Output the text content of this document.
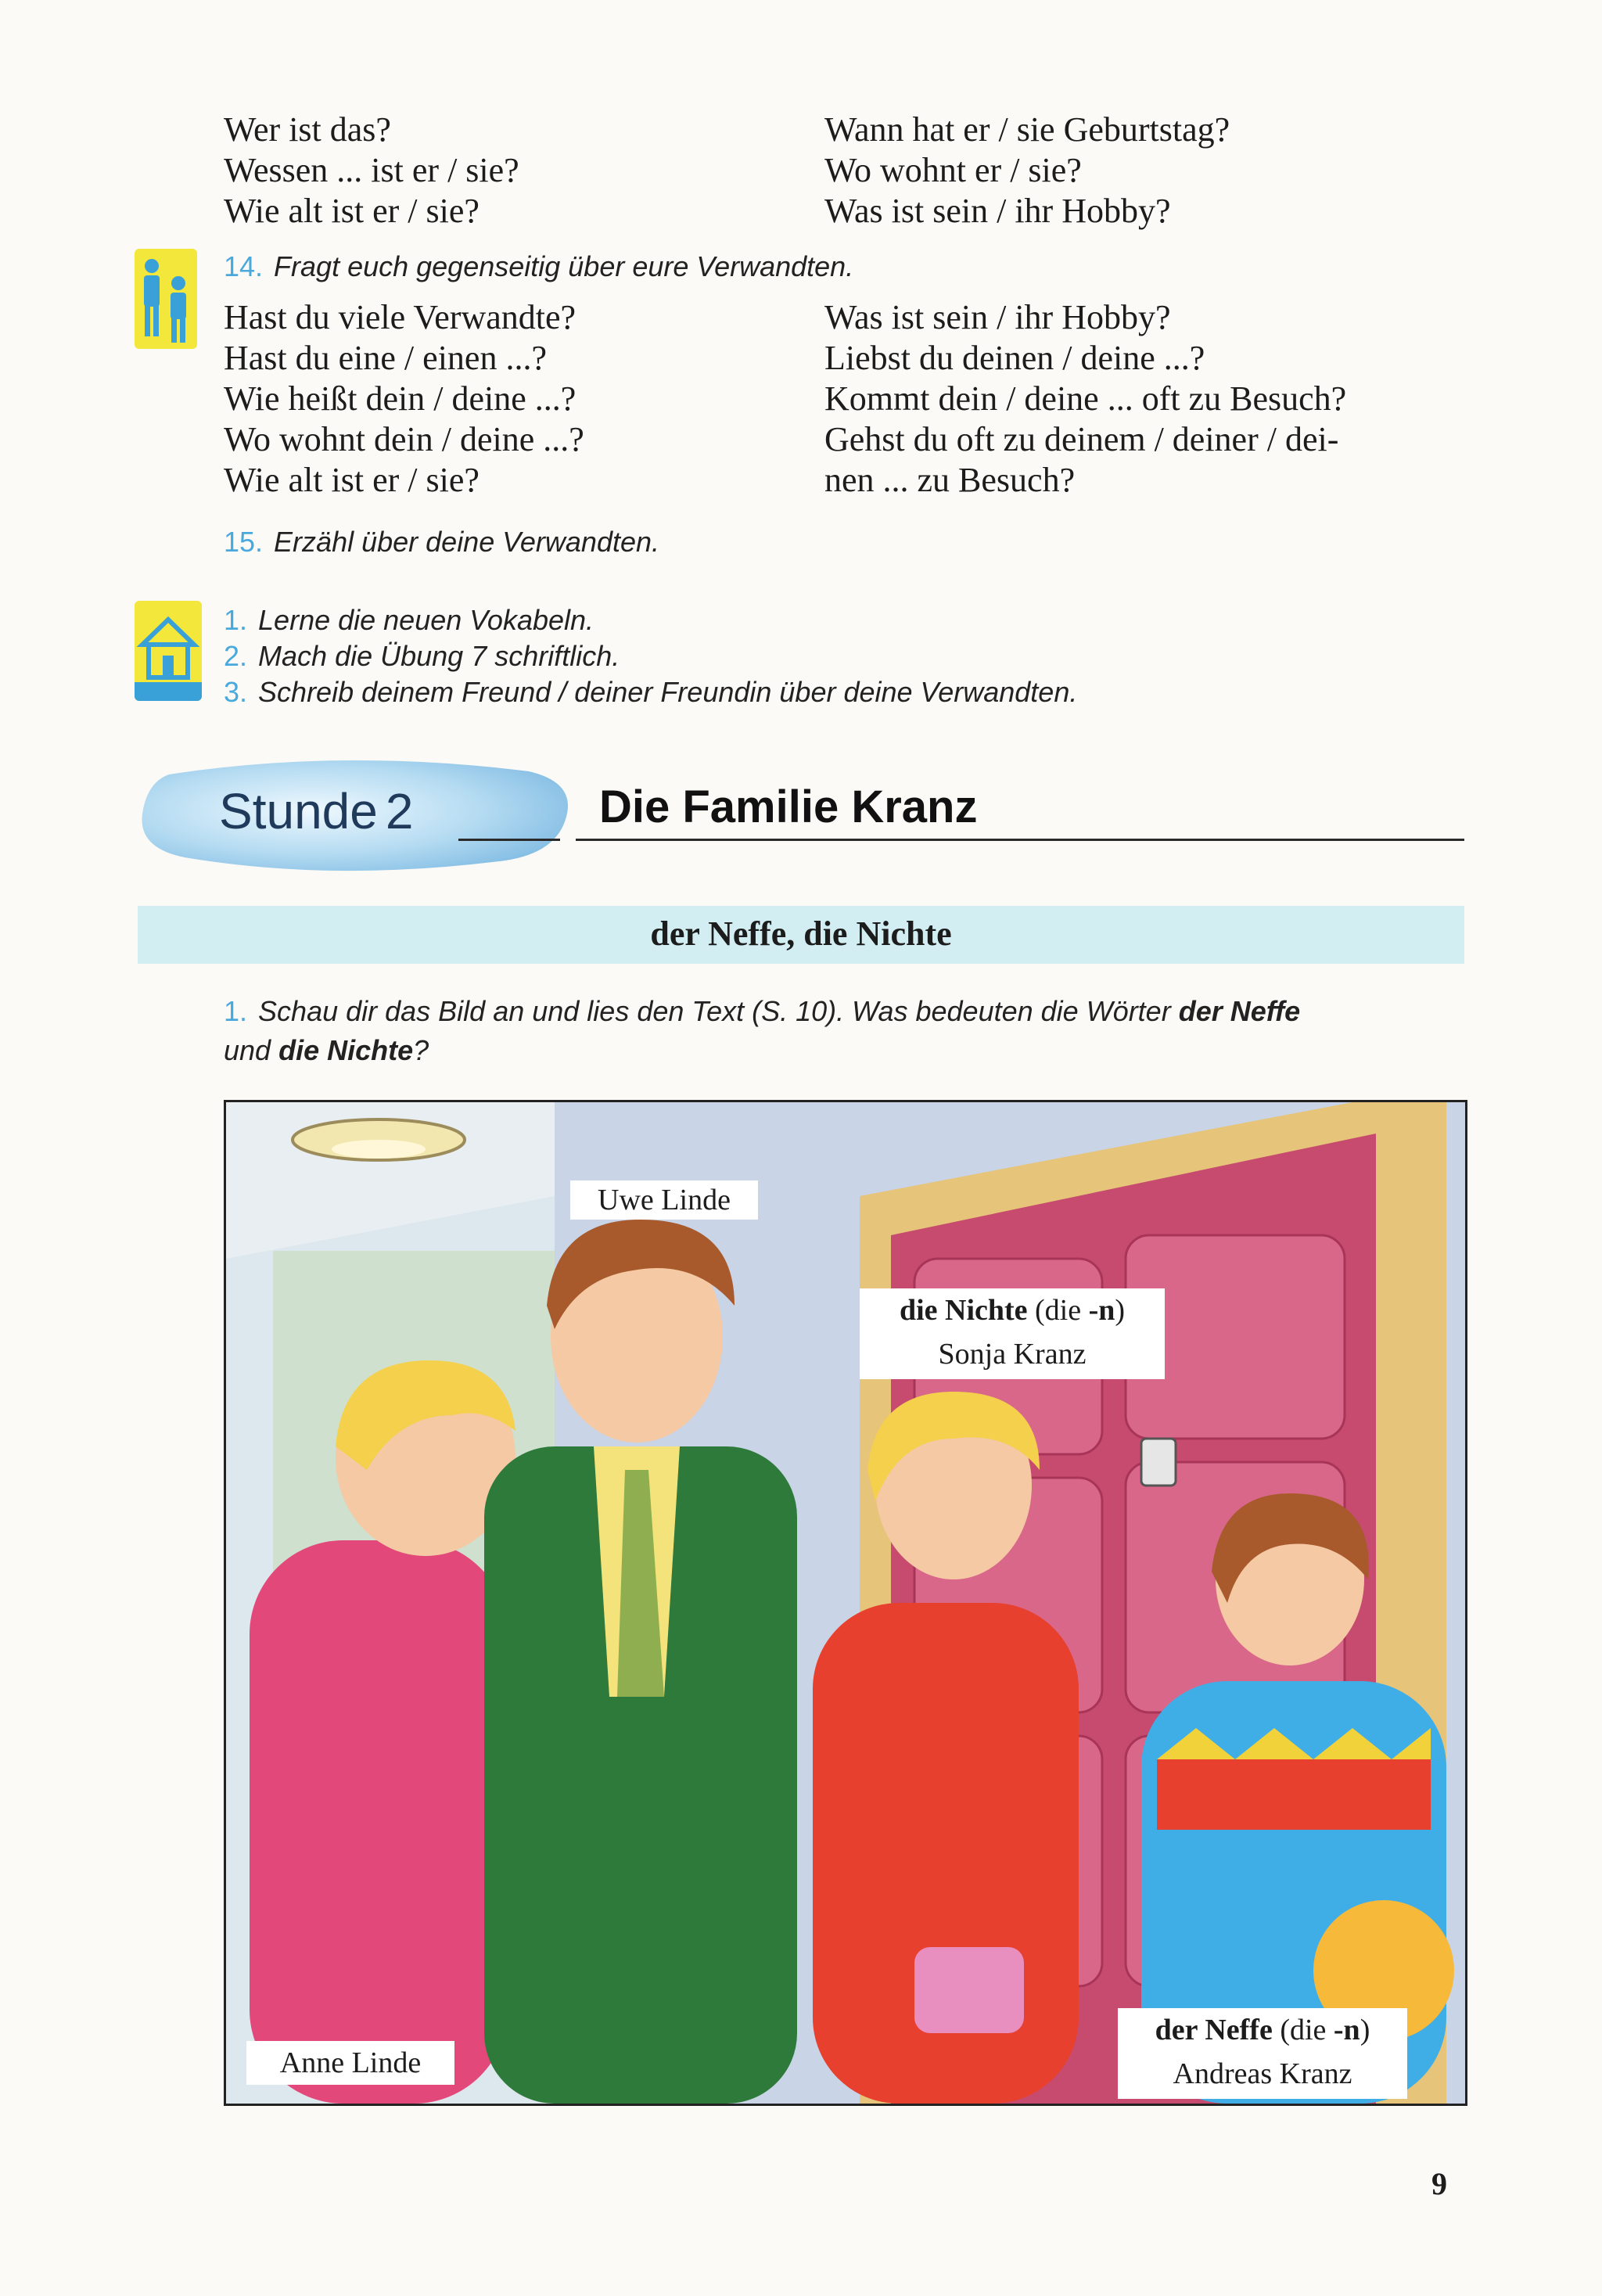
Wer ist das?
Wessen ... ist er / sie?
Wie alt ist er / sie?
Wann hat er / sie Geburtstag?
Wo wohnt er / sie?
Was ist sein / ihr Hobby?
14. Fragt euch gegenseitig über eure Verwandten.
Hast du viele Verwandte?
Hast du eine / einen ...?
Wie heißt dein / deine ...?
Wo wohnt dein / deine ...?
Wie alt ist er / sie?
Was ist sein / ihr Hobby?
Liebst du deinen / deine ...?
Kommt dein / deine ... oft zu Besuch?
Gehst du oft zu deinem / deiner / dei-
nen ... zu Besuch?
15. Erzähl über deine Verwandten.
1. Lerne die neuen Vokabeln.
2. Mach die Übung 7 schriftlich.
3. Schreib deinem Freund / deiner Freundin über deine Verwandten.
Stunde 2	Die Familie Kranz
der Neffe, die Nichte
1. Schau dir das Bild an und lies den Text (S. 10). Was bedeuten die Wörter der Neffe
und die Nichte?
Uwe Linde
die Nichte (die -n)
Sonja Kranz
Anne Linde
der Neffe (die -n)
Andreas Kranz
9
